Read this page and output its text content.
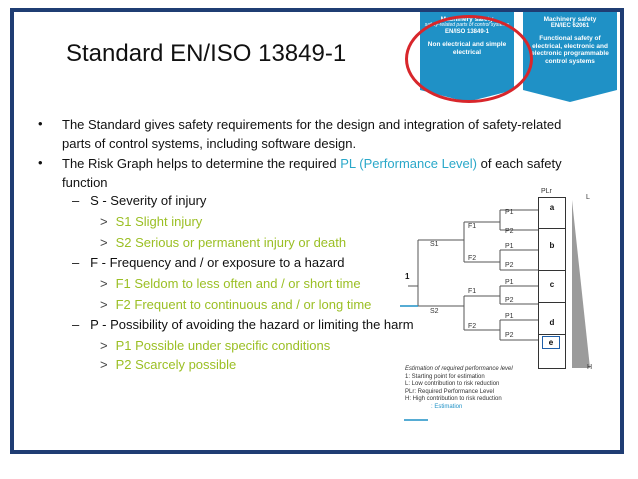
Standard EN/ISO 13849-1
Machinery safety
safety-related parts of control systems
EN/ISO 13849-1
Non electrical and simple electrical
Machinery safety
EN/IEC 62061
Functional safety of electrical, electronic and electronic programmable control systems
• The Standard gives safety requirements for the design and integration of safety-related parts of control systems, including software design.
• The Risk Graph helps to determine the required PL (Performance Level) of each safety function
– S - Severity of injury
> S1 Slight injury
> S2 Serious or permanent injury or death
– F - Frequency and / or exposure to a hazard
> F1 Seldom to less often and / or short time
> F2 Frequent to continuous and / or long time
– P - Possibility of avoiding the hazard or limiting the harm
> P1 Possible under specific conditions
> P2 Scarcely possible
1
S1
S2
F1
F2
F1
F2
P1
P2
P1
P2
P1
P2
P1
P2
PLr
L
H
a
b
c
d
e
Estimation of required performance level
1: Starting point for estimation
L: Low contribution to risk reduction
PLr: Required Performance Level
H: High contribution to risk reduction
: Estimation
